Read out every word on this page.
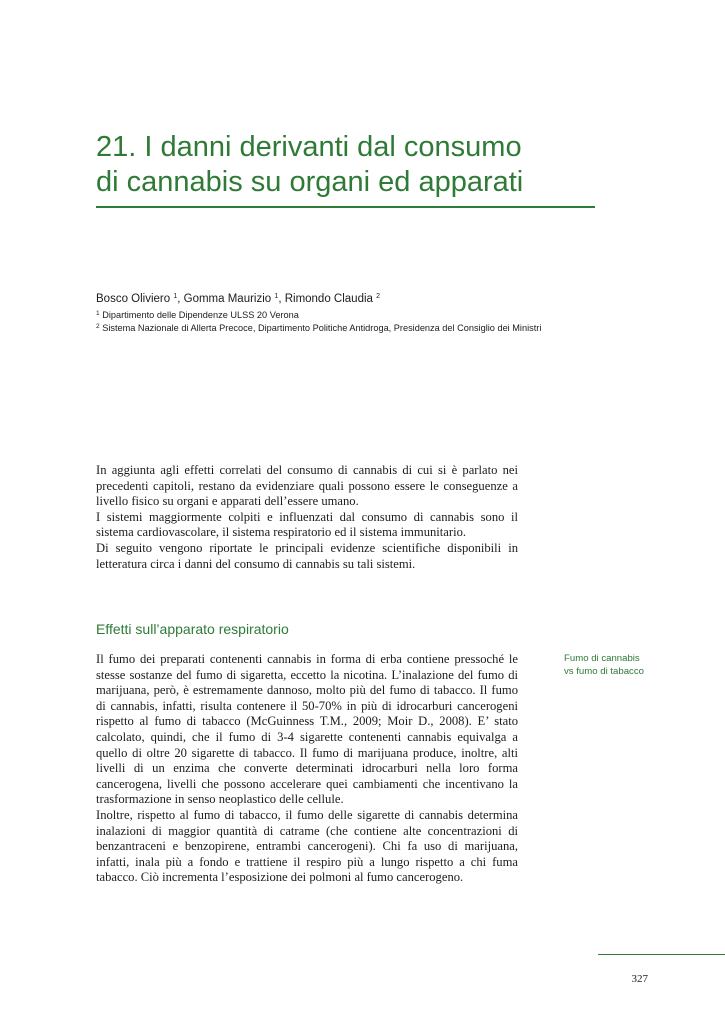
21. I danni derivanti dal consumo
di cannabis su organi ed apparati
Bosco Oliviero $^1$, Gomma Maurizio $^1$, Rimondo Claudia $^2$
$^1$ Dipartimento delle Dipendenze ULSS 20 Verona
$^2$ Sistema Nazionale di Allerta Precoce, Dipartimento Politiche Antidroga, Presidenza del Consiglio dei Ministri

In aggiunta agli effetti correlati del consumo di cannabis di cui si è parlato nei precedenti capitoli, restano da evidenziare quali possono essere le conseguenze a livello fisico su organi e apparati dell’essere umano.

I sistemi maggiormente colpiti e influenzati dal consumo di cannabis sono il sistema cardiovascolare, il sistema respiratorio ed il sistema immunitario.

Di seguito vengono riportate le principali evidenze scientifiche disponibili in letteratura circa i danni del consumo di cannabis su tali sistemi.

Effetti sull’apparato respiratorio

Il fumo dei preparati contenenti cannabis in forma di erba contiene pressoché le stesse sostanze del fumo di sigaretta, eccetto la nicotina. L’inalazione del fumo di marijuana, però, è estremamente dannoso, molto più del fumo di tabacco. Il fumo di cannabis, infatti, risulta contenere il 50-70% in più di idrocarburi cancerogeni rispetto al fumo di tabacco (McGuinness T.M., 2009; Moir D., 2008). E’ stato calcolato, quindi, che il fumo di 3-4 sigarette contenenti cannabis equivalga a quello di oltre 20 sigarette di tabacco. Il fumo di marijuana produce, inoltre, alti livelli di un enzima che converte determinati idrocarburi nella loro forma cancerogena, livelli che possono accelerare quei cambiamenti che incentivano la trasformazione in senso neoplastico delle cellule.

Inoltre, rispetto al fumo di tabacco, il fumo delle sigarette di cannabis determina inalazioni di maggior quantità di catrame (che contiene alte concentrazioni di benzantraceni e benzopirene, entrambi cancerogeni). Chi fa uso di marijuana, infatti, inala più a fondo e trattiene il respiro più a lungo rispetto a chi fuma tabacco. Ciò incrementa l’esposizione dei polmoni al fumo cancerogeno.

Fumo di cannabis
vs fumo di tabacco
327
